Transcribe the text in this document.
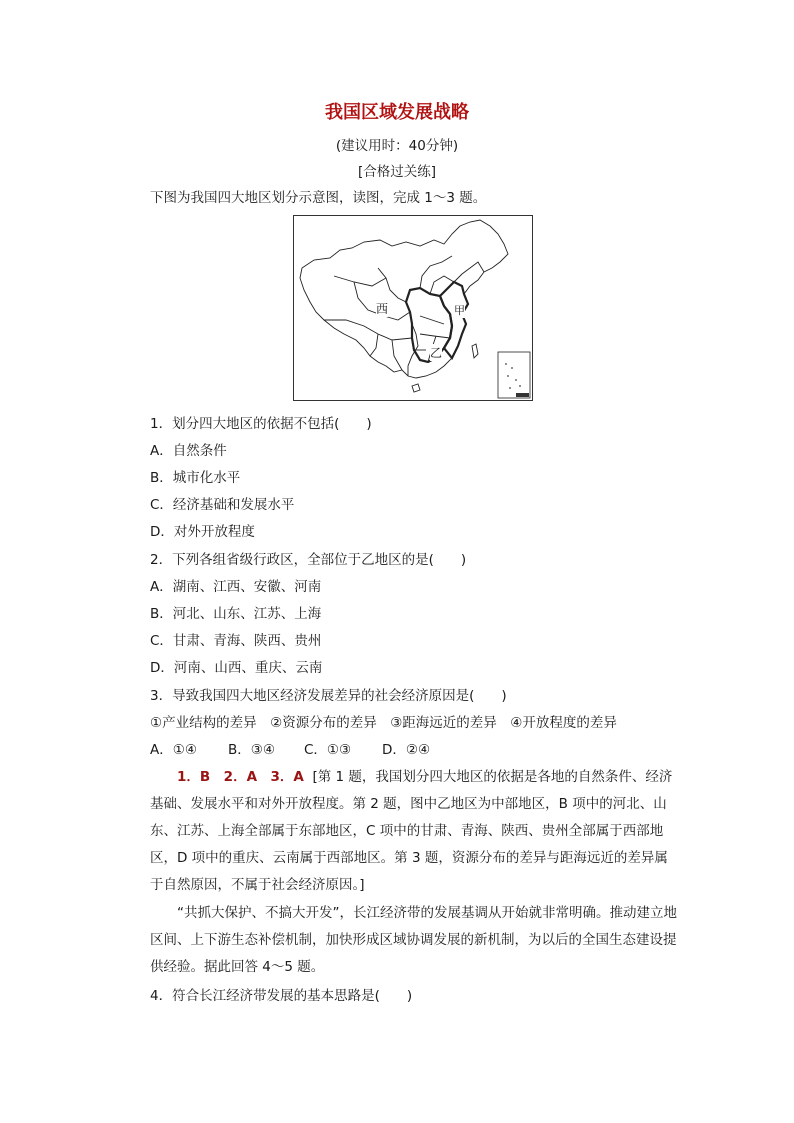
我国区域发展战略
(建议用时：40分钟)
[合格过关练]
下图为我国四大地区划分示意图，读图，完成 1～3 题。
西
乙
甲
1．划分四大地区的依据不包括(　　)
A．自然条件
B．城市化水平
C．经济基础和发展水平
D．对外开放程度
2．下列各组省级行政区，全部位于乙地区的是(　　)
A．湖南、江西、安徽、河南
B．河北、山东、江苏、上海
C．甘肃、青海、陕西、贵州
D．河南、山西、重庆、云南
3．导致我国四大地区经济发展差异的社会经济原因是(　　)
①产业结构的差异　②资源分布的差异　③距海远近的差异　④开放程度的差异
A．①④ B．③④ C．①③ D．②④
1．B　2．A　3．A [第 1 题，我国划分四大地区的依据是各地的自然条件、经济基础、发展水平和对外开放程度。第 2 题，图中乙地区为中部地区，B 项中的河北、山东、江苏、上海全部属于东部地区，C 项中的甘肃、青海、陕西、贵州全部属于西部地区，D 项中的重庆、云南属于西部地区。第 3 题，资源分布的差异与距海远近的差异属于自然原因，不属于社会经济原因。]
“共抓大保护、不搞大开发”，长江经济带的发展基调从开始就非常明确。推动建立地区间、上下游生态补偿机制，加快形成区域协调发展的新机制，为以后的全国生态建设提供经验。据此回答 4～5 题。
4．符合长江经济带发展的基本思路是(　　)
